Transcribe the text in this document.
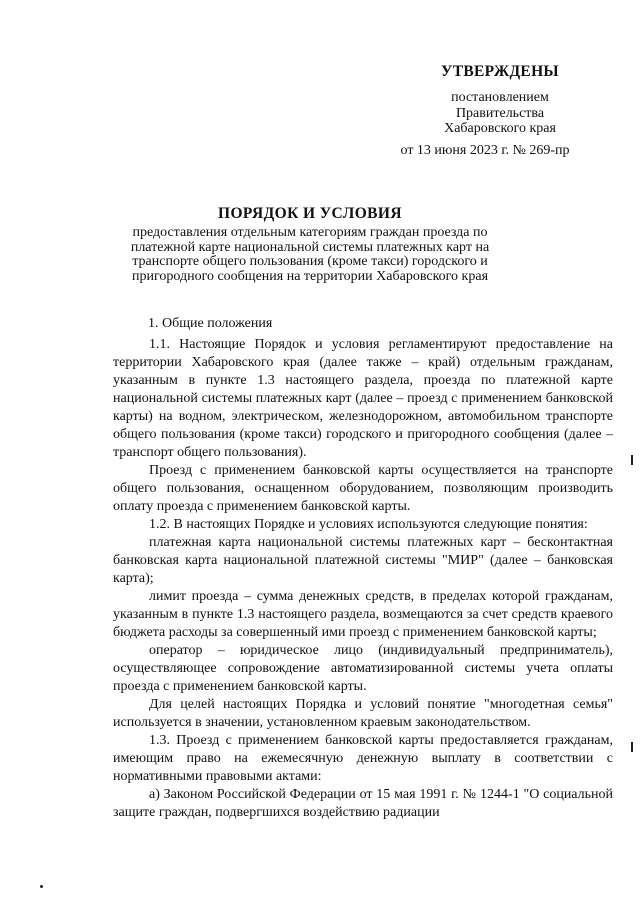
УТВЕРЖДЕНЫ
постановлением
Правительства
Хабаровского края
от 13 июня 2023 г. № 269-пр
ПОРЯДОК И УСЛОВИЯ
предоставления отдельным категориям граждан проезда по платежной карте национальной системы платежных карт на транспорте общего пользования (кроме такси) городского и пригородного сообщения на территории Хабаровского края
1. Общие положения

1.1. Настоящие Порядок и условия регламентируют предоставление на территории Хабаровского края (далее также – край) отдельным гражданам, указанным в пункте 1.3 настоящего раздела, проезда по платежной карте национальной системы платежных карт (далее – проезд с применением банковской карты) на водном, электрическом, железнодорожном, автомобильном транспорте общего пользования (кроме такси) городского и пригородного сообщения (далее – транспорт общего пользования).

Проезд с применением банковской карты осуществляется на транспорте общего пользования, оснащенном оборудованием, позволяющим производить оплату проезда с применением банковской карты.

1.2. В настоящих Порядке и условиях используются следующие понятия:

платежная карта национальной системы платежных карт – бесконтактная банковская карта национальной платежной системы "МИР" (далее – банковская карта);

лимит проезда – сумма денежных средств, в пределах которой гражданам, указанным в пункте 1.3 настоящего раздела, возмещаются за счет средств краевого бюджета расходы за совершенный ими проезд с применением банковской карты;

оператор – юридическое лицо (индивидуальный предприниматель), осуществляющее сопровождение автоматизированной системы учета оплаты проезда с применением банковской карты.

Для целей настоящих Порядка и условий понятие "многодетная семья" используется в значении, установленном краевым законодательством.

1.3. Проезд с применением банковской карты предоставляется гражданам, имеющим право на ежемесячную денежную выплату в соответствии с нормативными правовыми актами:

а) Законом Российской Федерации от 15 мая 1991 г. № 1244-1 "О социальной защите граждан, подвергшихся воздействию радиации
